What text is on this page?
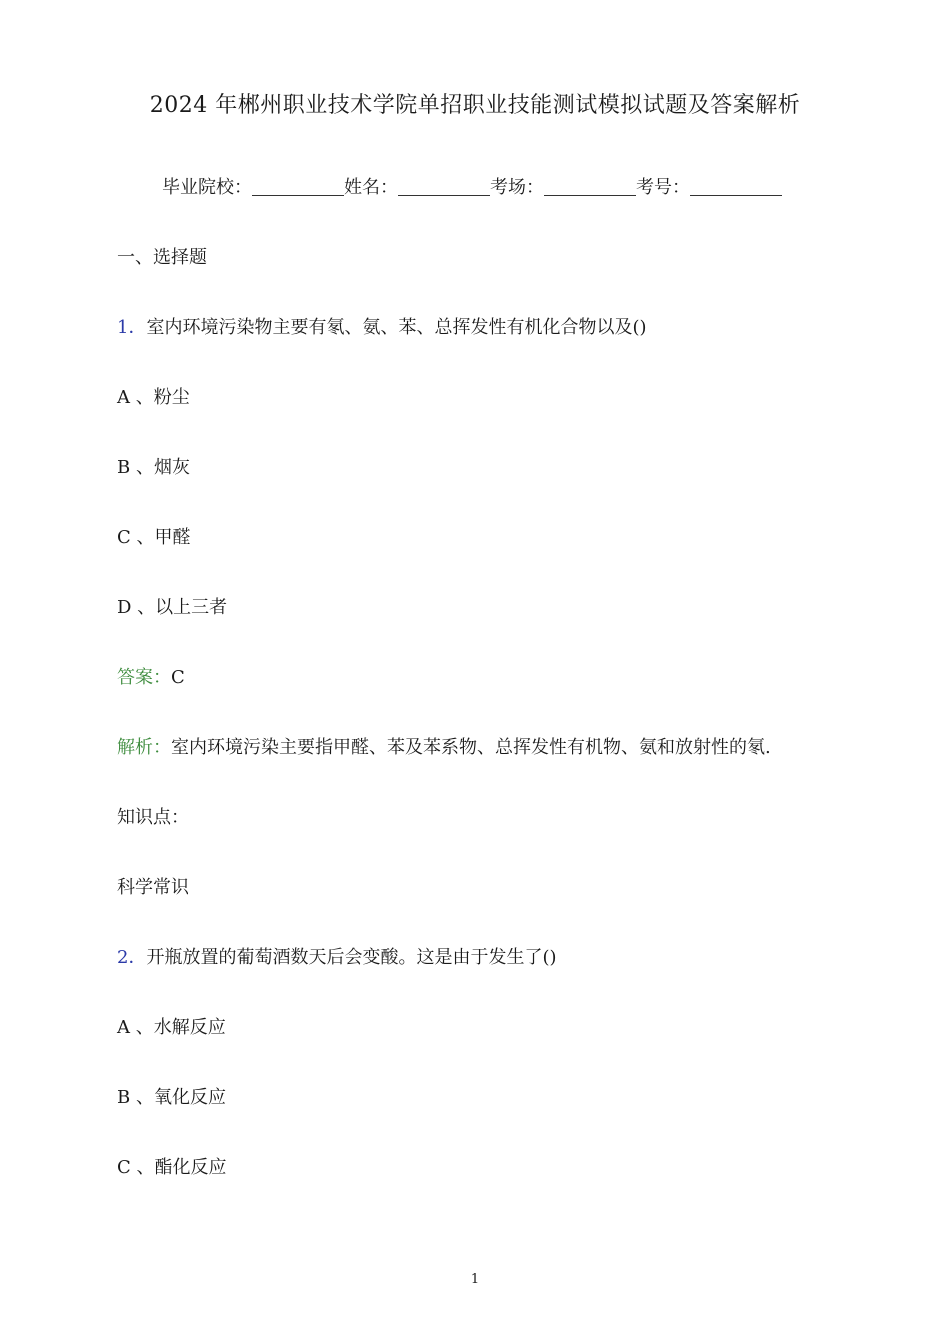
2024 年郴州职业技术学院单招职业技能测试模拟试题及答案解析
毕业院校：	姓名：	考场：	考号：
一、选择题
1．室内环境污染物主要有氡、氨、苯、总挥发性有机化合物以及()
A 、粉尘
B 、烟灰
C 、甲醛
D 、以上三者
答案：C
解析：室内环境污染主要指甲醛、苯及苯系物、总挥发性有机物、氨和放射性的氡.
知识点：
科学常识
2．开瓶放置的葡萄酒数天后会变酸。这是由于发生了()
A 、水解反应
B 、氧化反应
C 、酯化反应
1
